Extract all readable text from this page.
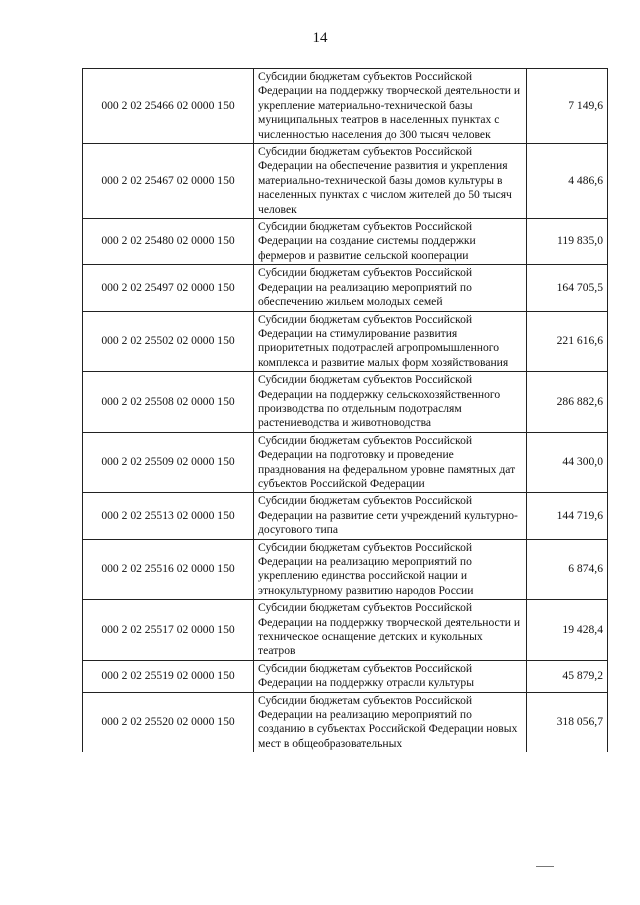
14
000 2 02 25466 02 0000 150	Субсидии бюджетам субъектов Российской Федерации на поддержку творческой деятельности и укрепление материально-технической базы муниципальных театров в населенных пунктах с численностью населения до 300 тысяч человек	7 149,6
000 2 02 25467 02 0000 150	Субсидии бюджетам субъектов Российской Федерации на обеспечение развития и укрепления материально-технической базы домов культуры в населенных пунктах с числом жителей до 50 тысяч человек	4 486,6
000 2 02 25480 02 0000 150	Субсидии бюджетам субъектов Российской Федерации на создание системы поддержки фермеров и развитие сельской кооперации	119 835,0
000 2 02 25497 02 0000 150	Субсидии бюджетам субъектов Российской Федерации на реализацию мероприятий по обеспечению жильем молодых семей	164 705,5
000 2 02 25502 02 0000 150	Субсидии бюджетам субъектов Российской Федерации на стимулирование развития приоритетных подотраслей агропромышленного комплекса и развитие малых форм хозяйствования	221 616,6
000 2 02 25508 02 0000 150	Субсидии бюджетам субъектов Российской Федерации на поддержку сельскохозяйственного производства по отдельным подотраслям растениеводства и животноводства	286 882,6
000 2 02 25509 02 0000 150	Субсидии бюджетам субъектов Российской Федерации на подготовку и проведение празднования на федеральном уровне памятных дат субъектов Российской Федерации	44 300,0
000 2 02 25513 02 0000 150	Субсидии бюджетам субъектов Российской Федерации на развитие сети учреждений культурно-досугового типа	144 719,6
000 2 02 25516 02 0000 150	Субсидии бюджетам субъектов Российской Федерации на реализацию мероприятий по укреплению единства российской нации и этнокультурному развитию народов России	6 874,6
000 2 02 25517 02 0000 150	Субсидии бюджетам субъектов Российской Федерации на поддержку творческой деятельности и техническое оснащение детских и кукольных театров	19 428,4
000 2 02 25519 02 0000 150	Субсидии бюджетам субъектов Российской Федерации на поддержку отрасли культуры	45 879,2
000 2 02 25520 02 0000 150	Субсидии бюджетам субъектов Российской Федерации на реализацию мероприятий по созданию в субъектах Российской Федерации новых мест в общеобразовательных	318 056,7
